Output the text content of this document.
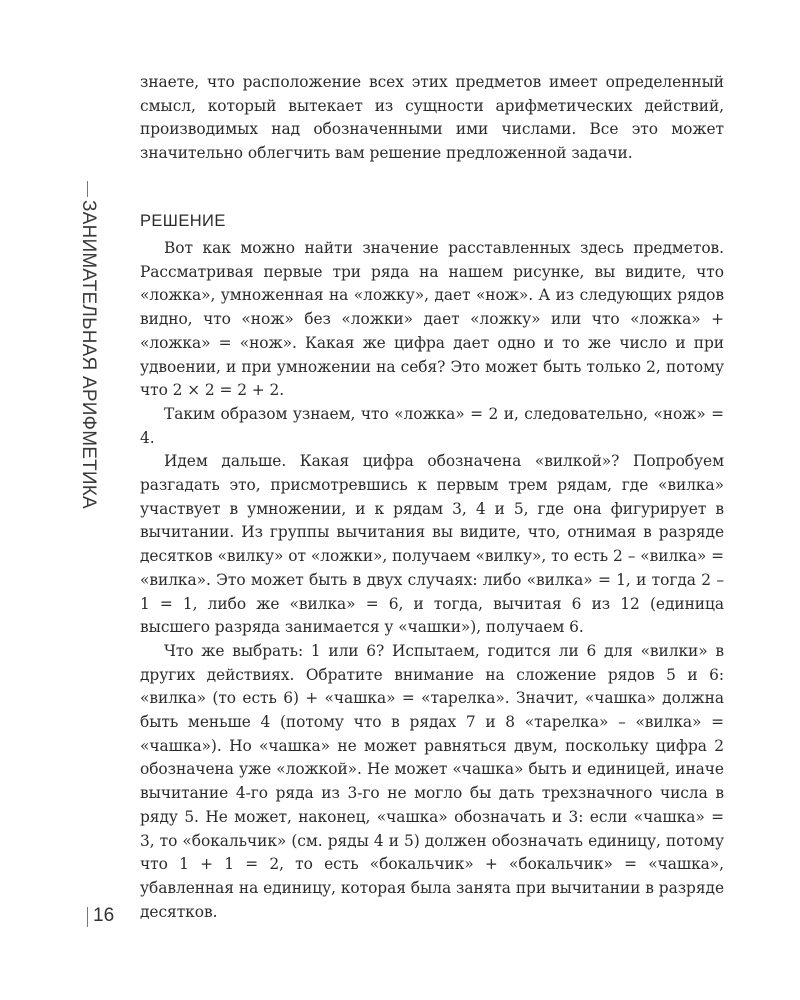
ЗАНИМАТЕЛЬНАЯ АРИФМЕТИКА

знаете, что расположение всех этих предметов имеет определенный смысл, который вытекает из сущности арифметических действий, производимых над обозначенными ими числами. Все это может значительно облегчить вам решение предложенной задачи.

РЕШЕНИЕ

Вот как можно найти значение расставленных здесь предметов. Рассматривая первые три ряда на нашем рисунке, вы видите, что «ложка», умноженная на «ложку», дает «нож». А из следующих рядов видно, что «нож» без «ложки» дает «ложку» или что «ложка» + «ложка» = «нож». Какая же цифра дает одно и то же число и при удвоении, и при умножении на себя? Это может быть только 2, потому что 2 × 2 = 2 + 2.

Таким образом узнаем, что «ложка» = 2 и, следовательно, «нож» = 4.

Идем дальше. Какая цифра обозначена «вилкой»? Попробуем разгадать это, присмотревшись к первым трем рядам, где «вилка» участвует в умножении, и к рядам 3, 4 и 5, где она фигурирует в вычитании. Из группы вычитания вы видите, что, отнимая в разряде десятков «вилку» от «ложки», получаем «вилку», то есть 2 – «вилка» = «вилка». Это может быть в двух случаях: либо «вилка» = 1, и тогда 2 – 1 = 1, либо же «вилка» = 6, и тогда, вычитая 6 из 12 (единица высшего разряда занимается у «чашки»), получаем 6.

Что же выбрать: 1 или 6? Испытаем, годится ли 6 для «вилки» в других действиях. Обратите внимание на сложение рядов 5 и 6: «вилка» (то есть 6) + «чашка» = «тарелка». Значит, «чашка» должна быть меньше 4 (потому что в рядах 7 и 8 «тарелка» – «вилка» = «чашка»). Но «чашка» не может равняться двум, поскольку цифра 2 обозначена уже «ложкой». Не может «чашка» быть и единицей, иначе вычитание 4-го ряда из 3-го не могло бы дать трехзначного числа в ряду 5. Не может, наконец, «чашка» обозначать и 3: если «чашка» = 3, то «бокальчик» (см. ряды 4 и 5) должен обозначать единицу, потому что 1 + 1 = 2, то есть «бокальчик» + «бокальчик» = «чашка», убавленная на единицу, которая была занята при вычитании в разряде десятков.

16
